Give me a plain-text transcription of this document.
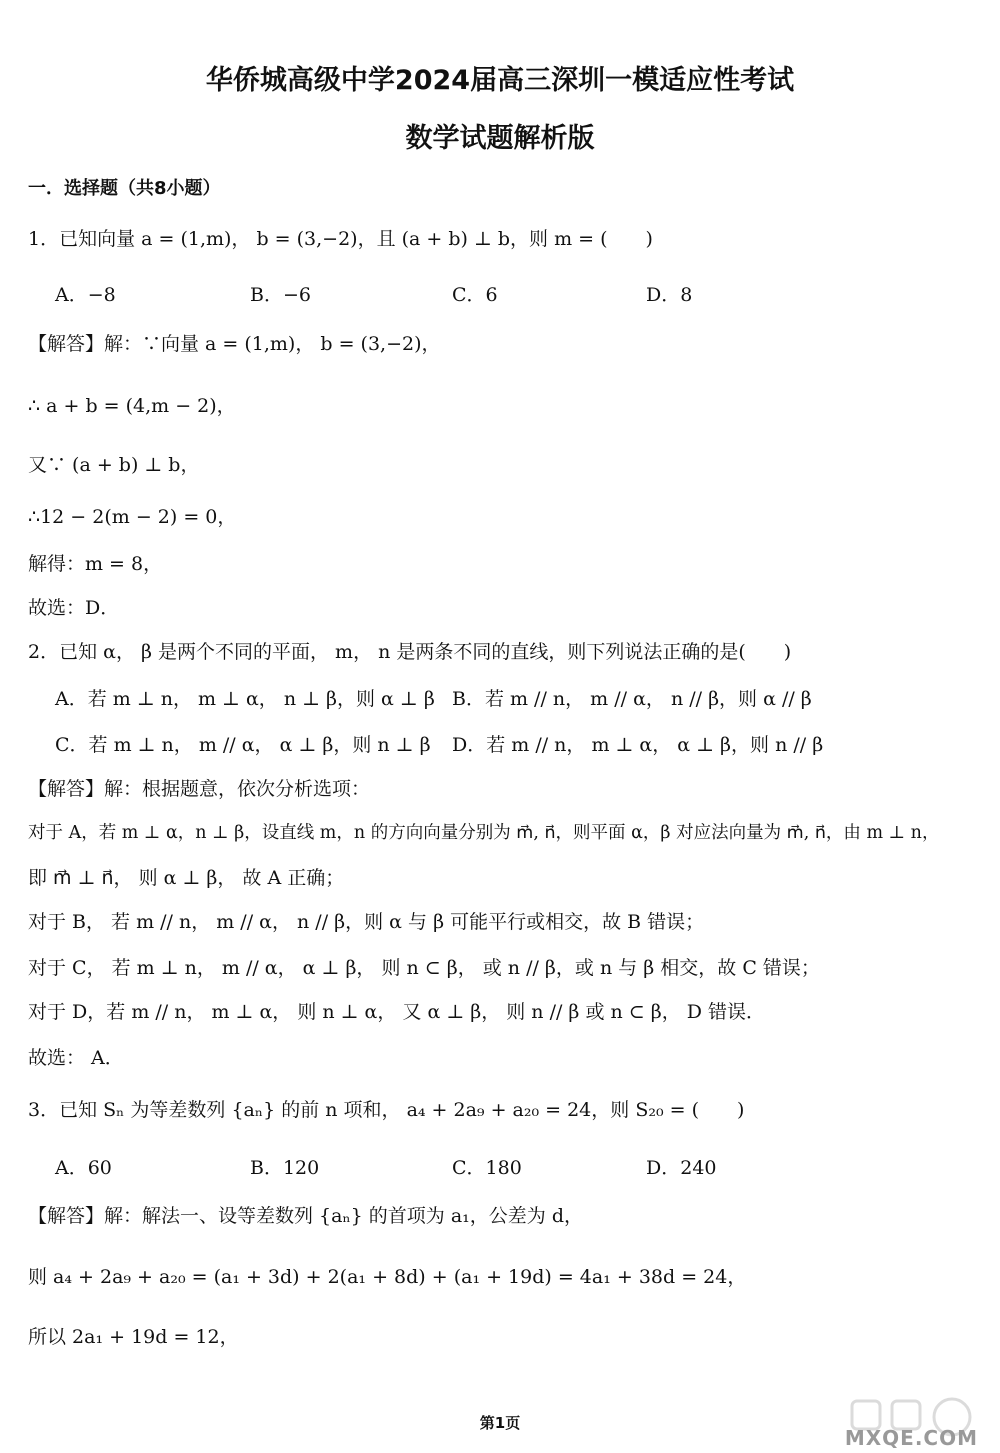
华侨城高级中学2024届高三深圳一模适应性考试
数学试题解析版
一．选择题（共8小题）
1．已知向量 a = (1,m)， b = (3,−2)，且 (a + b) ⊥ b，则 m = (　　)
A．−8	B．−6	C．6	D．8
【解答】解：∵向量 a = (1,m)， b = (3,−2)，
∴ a + b = (4,m − 2)，
又∵ (a + b) ⊥ b，
∴12 − 2(m − 2) = 0，
解得：m = 8，
故选：D．
2．已知 α， β 是两个不同的平面， m， n 是两条不同的直线，则下列说法正确的是(　　)
A．若 m ⊥ n， m ⊥ α， n ⊥ β，则 α ⊥ β B．若 m // n， m // α， n // β，则 α // β
C．若 m ⊥ n， m // α， α ⊥ β，则 n ⊥ β D．若 m // n， m ⊥ α， α ⊥ β，则 n // β
【解答】解：根据题意，依次分析选项：
对于 A，若 m ⊥ α，n ⊥ β，设直线 m，n 的方向向量分别为 m⃗, n⃗，则平面 α，β 对应法向量为 m⃗, n⃗，由 m ⊥ n，
即 m⃗ ⊥ n⃗， 则 α ⊥ β， 故 A 正确；
对于 B， 若 m // n， m // α， n // β，则 α 与 β 可能平行或相交，故 B 错误；
对于 C， 若 m ⊥ n， m // α， α ⊥ β， 则 n ⊂ β， 或 n // β，或 n 与 β 相交，故 C 错误；
对于 D，若 m // n， m ⊥ α， 则 n ⊥ α， 又 α ⊥ β， 则 n // β 或 n ⊂ β， D 错误．
故选： A．
3．已知 Sₙ 为等差数列 {aₙ} 的前 n 项和， a₄ + 2a₉ + a₂₀ = 24，则 S₂₀ = (　　)
A．60	B．120	C．180	D．240
【解答】解：解法一、设等差数列 {aₙ} 的首项为 a₁，公差为 d，
则 a₄ + 2a₉ + a₂₀ = (a₁ + 3d) + 2(a₁ + 8d) + (a₁ + 19d) = 4a₁ + 38d = 24，
所以 2a₁ + 19d = 12，
第1页
MXQE.COM
